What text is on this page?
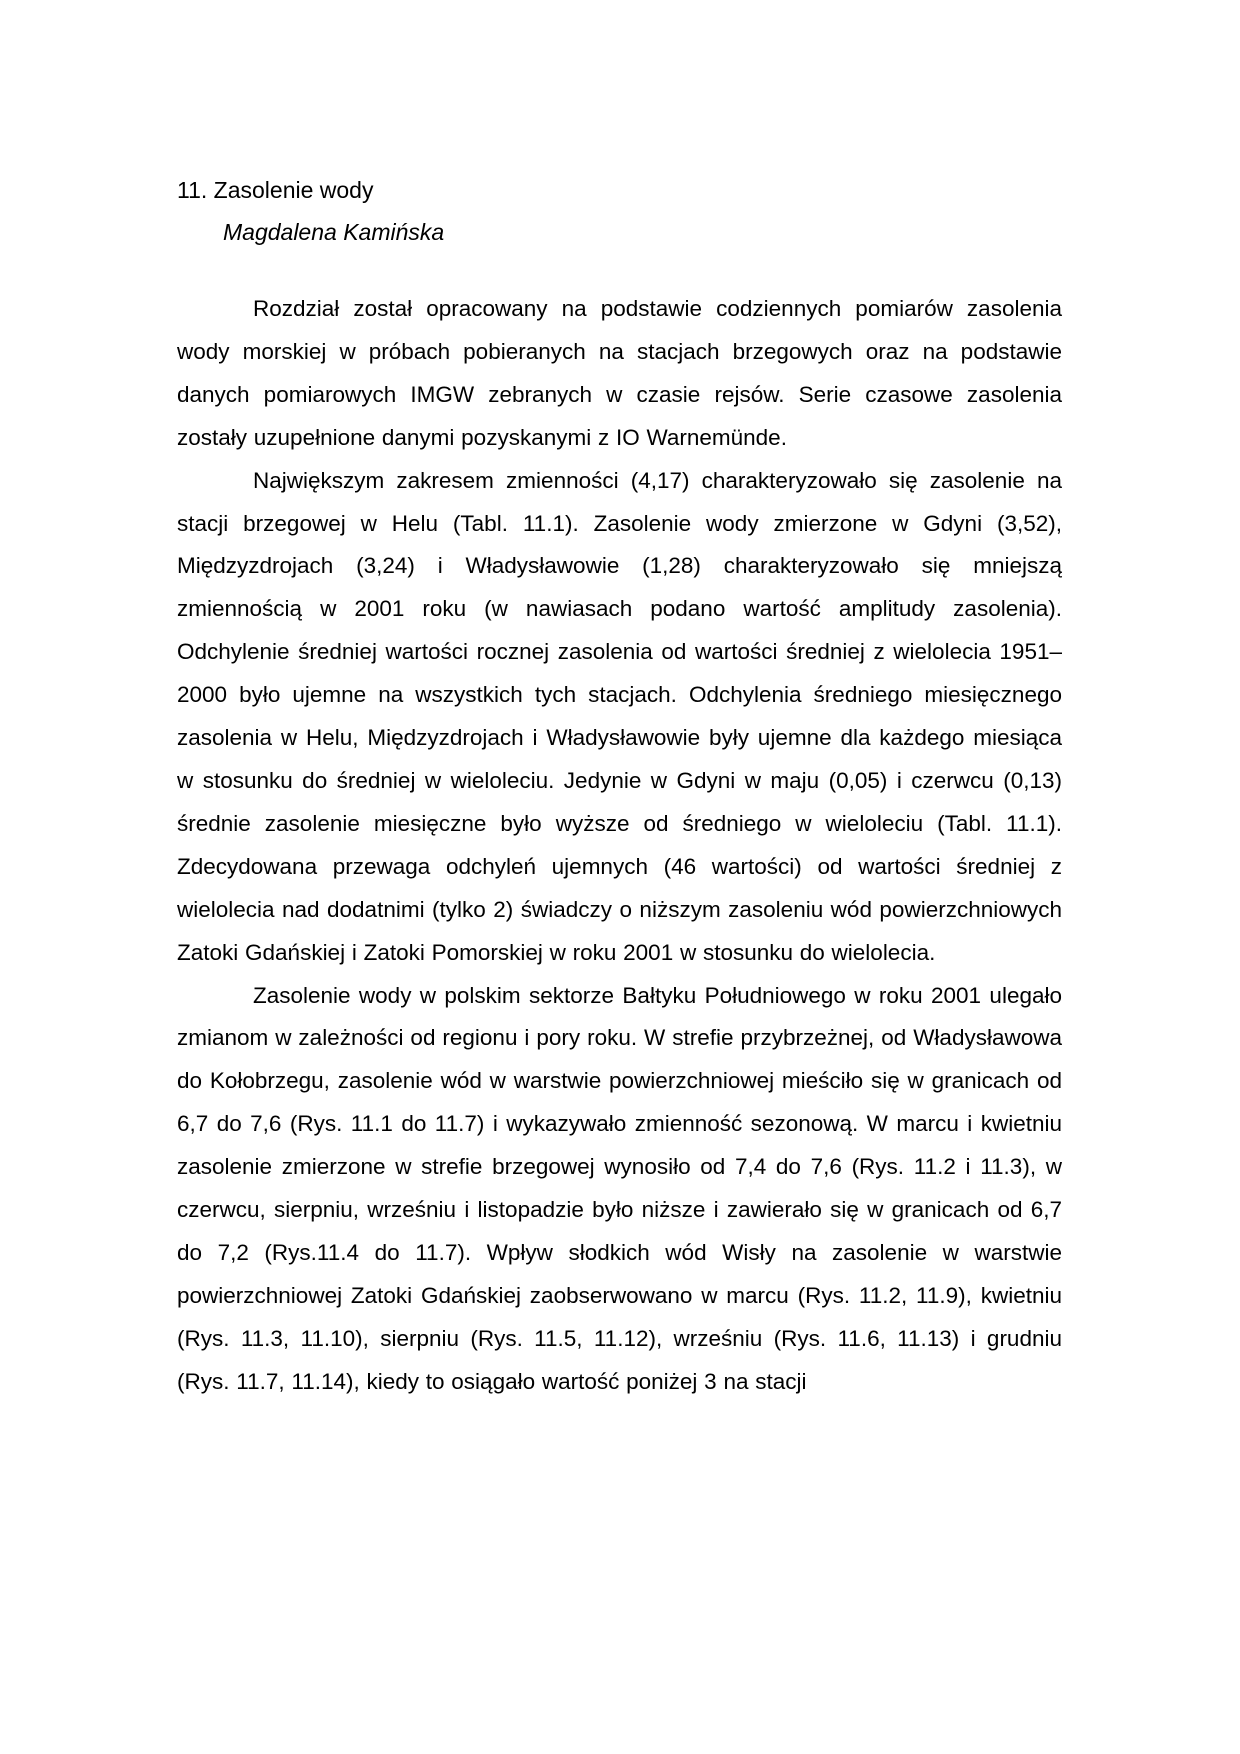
11. Zasolenie wody
Magdalena Kamińska

Rozdział został opracowany na podstawie codziennych pomiarów zasolenia wody morskiej w próbach pobieranych na stacjach brzegowych oraz na podstawie danych pomiarowych IMGW zebranych w czasie rejsów. Serie czasowe zasolenia zostały uzupełnione danymi pozyskanymi z IO Warnemünde.

Największym zakresem zmienności (4,17) charakteryzowało się zasolenie na stacji brzegowej w Helu (Tabl. 11.1). Zasolenie wody zmierzone w Gdyni (3,52), Międzyzdrojach (3,24) i Władysławowie (1,28) charakteryzowało się mniejszą zmiennością w 2001 roku (w nawiasach podano wartość amplitudy zasolenia). Odchylenie średniej wartości rocznej zasolenia od wartości średniej z wielolecia 1951–2000 było ujemne na wszystkich tych stacjach. Odchylenia średniego miesięcznego zasolenia w Helu, Międzyzdrojach i Władysławowie były ujemne dla każdego miesiąca w stosunku do średniej w wieloleciu. Jedynie w Gdyni w maju (0,05) i czerwcu (0,13) średnie zasolenie miesięczne było wyższe od średniego w wieloleciu (Tabl. 11.1). Zdecydowana przewaga odchyleń ujemnych (46 wartości) od wartości średniej z wielolecia nad dodatnimi (tylko 2) świadczy o niższym zasoleniu wód powierzchniowych Zatoki Gdańskiej i Zatoki Pomorskiej w roku 2001 w stosunku do wielolecia.

Zasolenie wody w polskim sektorze Bałtyku Południowego w roku 2001 ulegało zmianom w zależności od regionu i pory roku. W strefie przybrzeżnej, od Władysławowa do Kołobrzegu, zasolenie wód w warstwie powierzchniowej mieściło się w granicach od 6,7 do 7,6 (Rys. 11.1 do 11.7) i wykazywało zmienność sezonową. W marcu i kwietniu zasolenie zmierzone w strefie brzegowej wynosiło od 7,4 do 7,6 (Rys. 11.2 i 11.3), w czerwcu, sierpniu, wrześniu i listopadzie było niższe i zawierało się w granicach od 6,7 do 7,2 (Rys.11.4 do 11.7). Wpływ słodkich wód Wisły na zasolenie w warstwie powierzchniowej Zatoki Gdańskiej zaobserwowano w marcu (Rys. 11.2, 11.9), kwietniu (Rys. 11.3, 11.10), sierpniu (Rys. 11.5, 11.12), wrześniu (Rys. 11.6, 11.13) i grudniu (Rys. 11.7, 11.14), kiedy to osiągało wartość poniżej 3 na stacji
